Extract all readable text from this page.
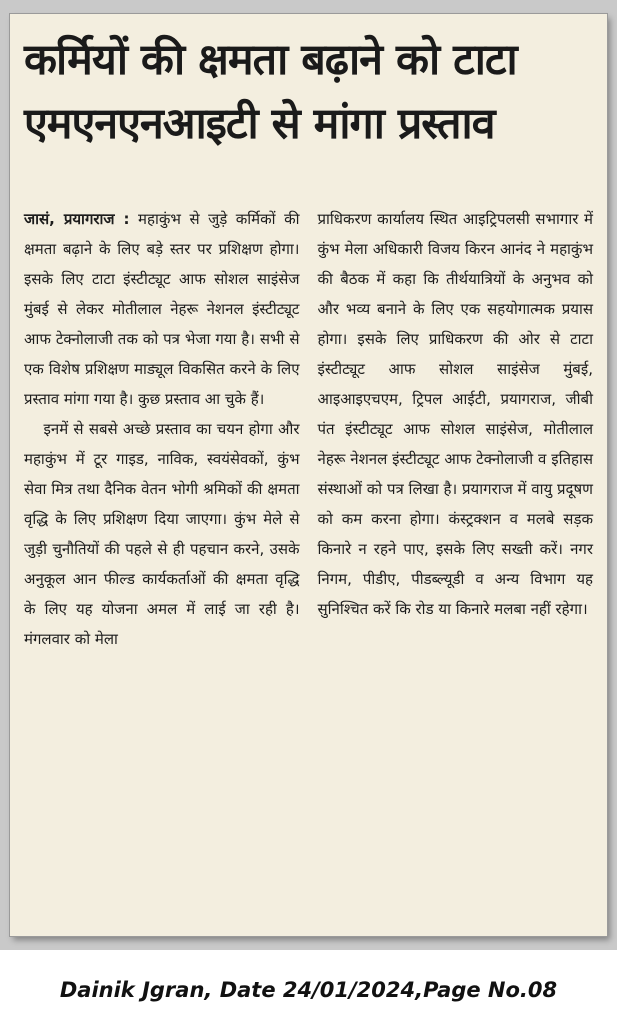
कर्मियों की क्षमता बढ़ाने को टाटा
एमएनएनआइटी से मांगा प्रस्ताव

जासं, प्रयागराज : महाकुंभ से जुड़े कर्मिकों की क्षमता बढ़ाने के लिए बड़े स्तर पर प्रशिक्षण होगा। इसके लिए टाटा इंस्टीट्यूट आफ सोशल साइंसेज मुंबई से लेकर मोतीलाल नेहरू नेशनल इंस्टीट्यूट आफ टेक्नोलाजी तक को पत्र भेजा गया है। सभी से एक विशेष प्रशिक्षण माड्यूल विकसित करने के लिए प्रस्ताव मांगा गया है। कुछ प्रस्ताव आ चुके हैं।

इनमें से सबसे अच्छे प्रस्ताव का चयन होगा और महाकुंभ में टूर गाइड, नाविक, स्वयंसेवकों, कुंभ सेवा मित्र तथा दैनिक वेतन भोगी श्रमिकों की क्षमता वृद्धि के लिए प्रशिक्षण दिया जाएगा। कुंभ मेले से जुड़ी चुनौतियों की पहले से ही पहचान करने, उसके अनुकूल आन फील्ड कार्यकर्ताओं की क्षमता वृद्धि के लिए यह योजना अमल में लाई जा रही है। मंगलवार को मेला

प्राधिकरण कार्यालय स्थित आइट्रिपलसी सभागार में कुंभ मेला अधिकारी विजय किरन आनंद ने महाकुंभ की बैठक में कहा कि तीर्थयात्रियों के अनुभव को और भव्य बनाने के लिए एक सहयोगात्मक प्रयास होगा। इसके लिए प्राधिकरण की ओर से टाटा इंस्टीट्यूट आफ सोशल साइंसेज मुंबई, आइआइएचएम, ट्रिपल आईटी, प्रयागराज, जीबी पंत इंस्टीट्यूट आफ सोशल साइंसेज, मोतीलाल नेहरू नेशनल इंस्टीट्यूट आफ टेक्नोलाजी व इतिहास संस्थाओं को पत्र लिखा है। प्रयागराज में वायु प्रदूषण को कम करना होगा। कंस्ट्रक्शन व मलबे सड़क किनारे न रहने पाए, इसके लिए सख्ती करें। नगर निगम, पीडीए, पीडब्ल्यूडी व अन्य विभाग यह सुनिश्चित करें कि रोड या किनारे मलबा नहीं रहेगा।

Dainik Jgran, Date 24/01/2024,Page No.08
